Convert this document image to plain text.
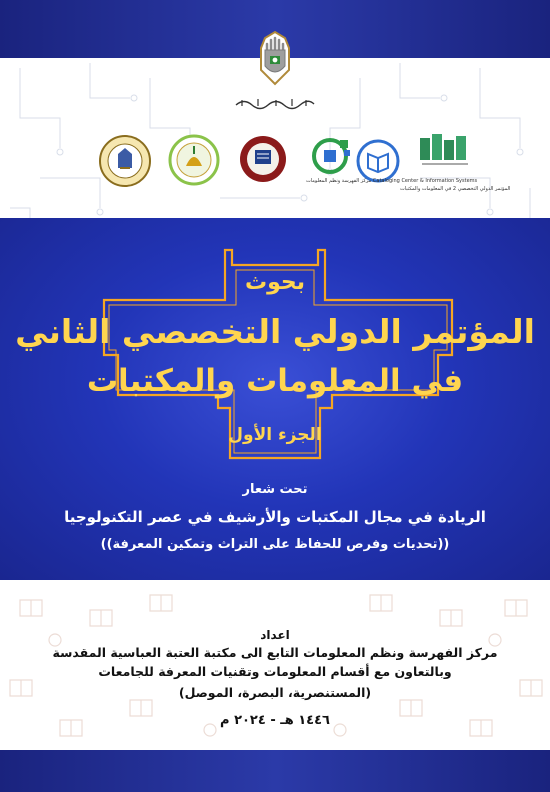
المؤتمر الدولي التخصصي 2 في المعلومات والمكتبات
مركز الفهرسة ونظم المعلومات Cataloging Center & Information Systems
بحوث
المؤتمر الدولي التخصصي الثاني
في المعلومات والمكتبات
الجزء الأول
تحت شعار
الريادة في مجال المكتبات والأرشيف في عصر التكنولوجيا
((تحديات وفرص للحفاظ على التراث وتمكين المعرفة))
اعداد
مركز الفهرسة ونظم المعلومات التابع الى مكتبة العتبة العباسية المقدسة
وبالتعاون مع أقسام المعلومات وتقنيات المعرفة للجامعات
(المستنصرية، البصرة، الموصل)
١٤٤٦ هـ - ٢٠٢٤ م
